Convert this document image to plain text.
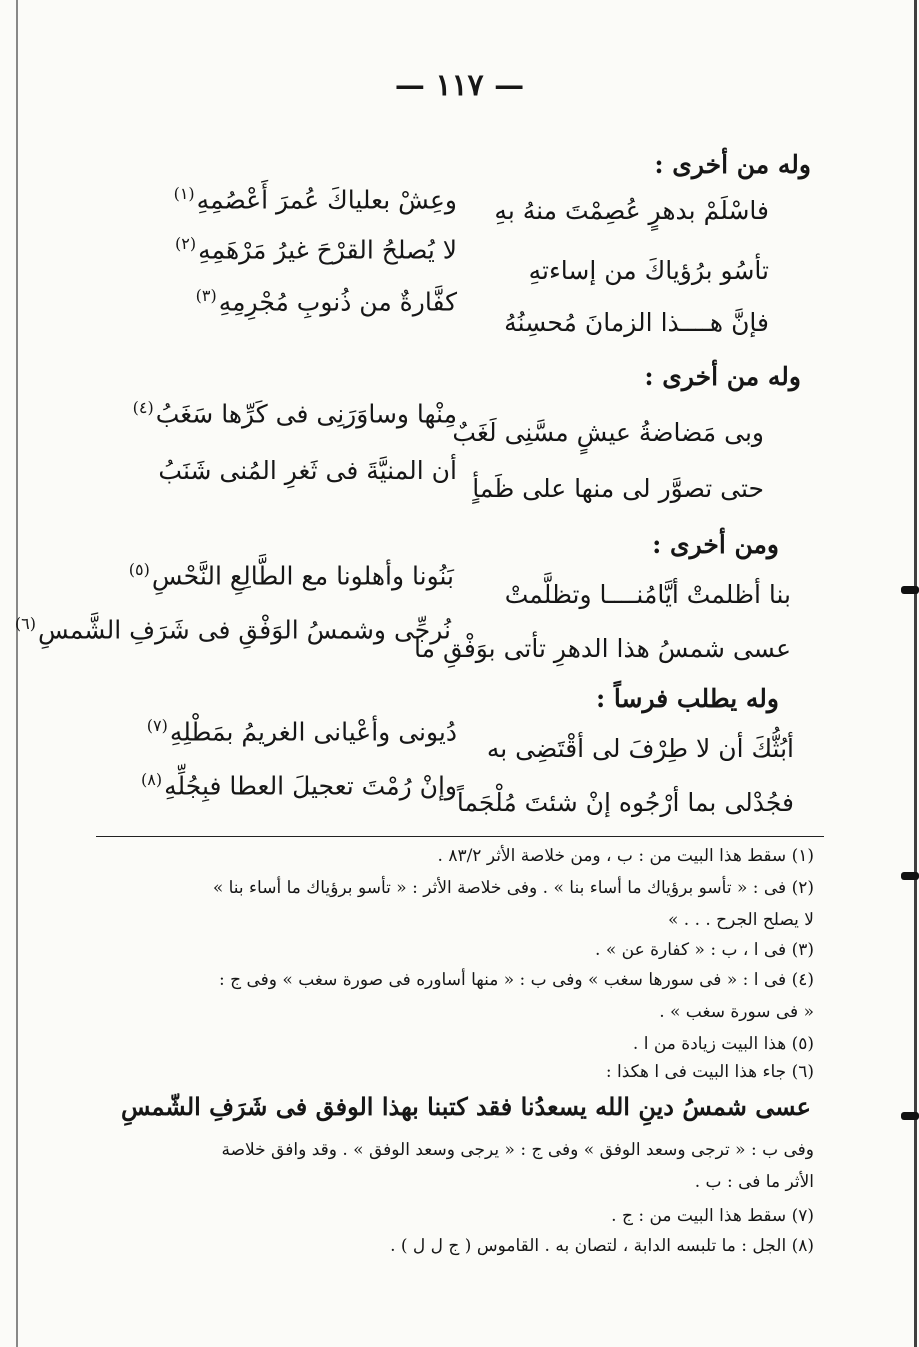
— ١١٧ —
وله من أخرى :
فاسْلَمْ بدهرٍ عُصِمْتَ منهُ بهِ
وعِشْ بعلياكَ عُمرَ أَعْصُمِهِ$^{(١)}$
تأسُو برُؤياكَ من إساءتهِ
لا يُصلحُ القرْحَ غيرُ مَرْهَمِهِ$^{(٢)}$
فإنَّ هــــذا الزمانَ مُحسِنُهُ
كفَّارةٌ من ذُنوبِ مُجْرِمِهِ$^{(٣)}$
وله من أخرى :
وبى مَضاضةُ عيشٍ مسَّنِى لَغَبٌ
مِنْها وساوَرَنِى فى كَرِّها سَغَبُ$^{(٤)}$
حتى تصوَّر لى منها على ظَمأٍ
أن المنيَّةَ فى ثَغرِ المُنى شَنَبُ
ومن أخرى :
بنا أظلمتْ أيَّامُنــــا وتظلَّمتْ
بَنُونا وأهلونا مع الطَّالِعِ النَّحْسِ$^{(٥)}$
عسى شمسُ هذا الدهرِ تأتى بوَفْقِ ما
نُرجِّى وشمسُ الوَفْقِ فى شَرَفِ الشَّمسِ$^{(٦)}$
وله يطلب فرساً :
أبُثُّكَ أن لا طِرْفَ لى أقْتَضِى به
دُيونى وأعْيانى الغريمُ بمَطْلِهِ$^{(٧)}$
فجُدْلى بما أرْجُوه إنْ شئتَ مُلْجَماً
وإنْ رُمْتَ تعجيلَ العطا فبِجُلِّهِ$^{(٨)}$
(١) سقط هذا البيت من : ب ، ومن خلاصة الأثر ٨٣/٢ .
(٢) فى : « تأسو برؤياك ما أساء بنا » . وفى خلاصة الأثر : « تأسو برؤياك ما أساء بنا »
لا يصلح الجرح . . . »
(٣) فى ا ، ب : « كفارة عن » .
(٤) فى ا : « فى سورها سغب » وفى ب : « منها أساوره فى صورة سغب » وفى ج :
« فى سورة سغب » .
(٥) هذا البيت زيادة من ا .
(٦) جاء هذا البيت فى ا هكذا :
عسى شمسُ دينِ الله يسعدُنا فقد كتبنا بهذا الوفق فى شَرَفِ الشّمسِ
وفى ب : « ترجى وسعد الوفق » وفى ج : « يرجى وسعد الوفق » . وقد وافق خلاصة
الأثر ما فى : ب .
(٧) سقط هذا البيت من : ج .
(٨) الجل : ما تلبسه الدابة ، لتصان به . القاموس ( ج ل ل ) .
